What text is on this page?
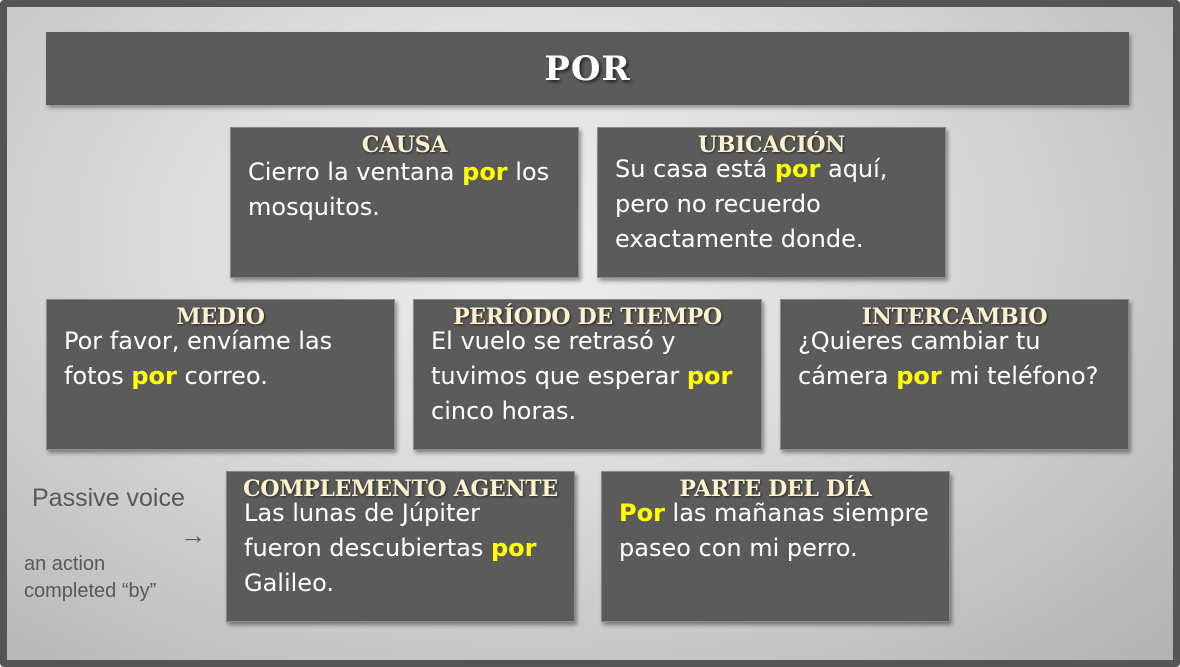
POR
CAUSA
Cierro la ventana por los mosquitos.
UBICACIÓN
Su casa está por aquí, pero no recuerdo exactamente donde.
MEDIO
Por favor, envíame las fotos por correo.
PERÍODO DE TIEMPO
El vuelo se retrasó y tuvimos que esperar por cinco horas.
INTERCAMBIO
¿Quieres cambiar tu cámera por mi teléfono?
COMPLEMENTO AGENTE
Las lunas de Júpiter fueron descubiertas por Galileo.
PARTE DEL DÍA
Por las mañanas siempre paseo con mi perro.
Passive voice
→
an action
completed “by”
